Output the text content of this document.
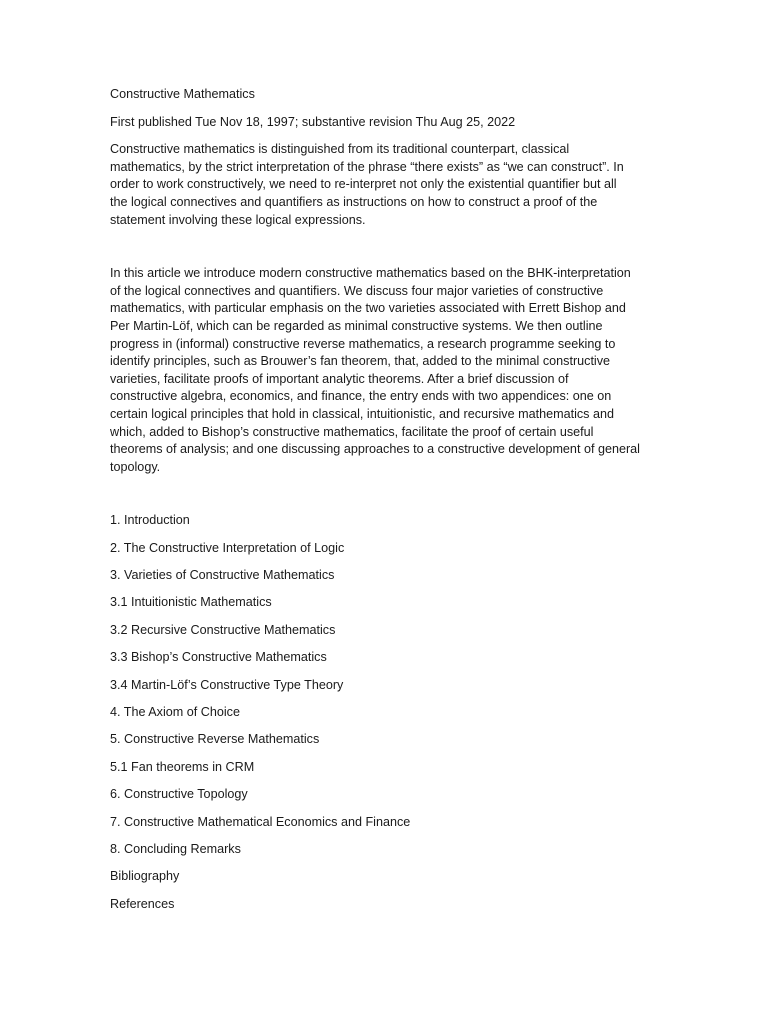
Constructive Mathematics

First published Tue Nov 18, 1997; substantive revision Thu Aug 25, 2022

Constructive mathematics is distinguished from its traditional counterpart, classical

mathematics, by the strict interpretation of the phrase “there exists” as “we can construct”. In

order to work constructively, we need to re-interpret not only the existential quantifier but all

the logical connectives and quantifiers as instructions on how to construct a proof of the

statement involving these logical expressions.

In this article we introduce modern constructive mathematics based on the BHK-interpretation

of the logical connectives and quantifiers. We discuss four major varieties of constructive

mathematics, with particular emphasis on the two varieties associated with Errett Bishop and

Per Martin-Löf, which can be regarded as minimal constructive systems. We then outline

progress in (informal) constructive reverse mathematics, a research programme seeking to

identify principles, such as Brouwer’s fan theorem, that, added to the minimal constructive

varieties, facilitate proofs of important analytic theorems. After a brief discussion of

constructive algebra, economics, and finance, the entry ends with two appendices: one on

certain logical principles that hold in classical, intuitionistic, and recursive mathematics and

which, added to Bishop’s constructive mathematics, facilitate the proof of certain useful

theorems of analysis; and one discussing approaches to a constructive development of general

topology.

1. Introduction

2. The Constructive Interpretation of Logic

3. Varieties of Constructive Mathematics

3.1 Intuitionistic Mathematics

3.2 Recursive Constructive Mathematics

3.3 Bishop’s Constructive Mathematics

3.4 Martin-Löf’s Constructive Type Theory

4. The Axiom of Choice

5. Constructive Reverse Mathematics

5.1 Fan theorems in CRM

6. Constructive Topology

7. Constructive Mathematical Economics and Finance

8. Concluding Remarks

Bibliography

References
